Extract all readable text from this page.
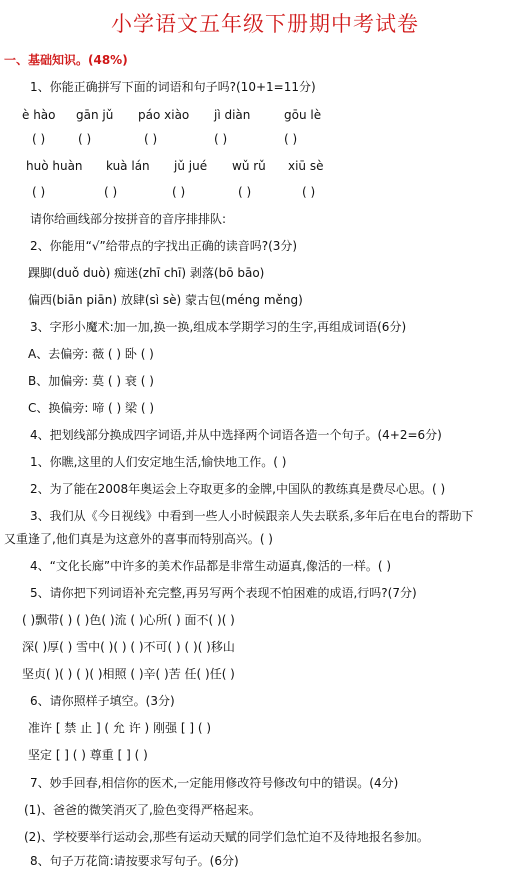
小学语文五年级下册期中考试卷
一、基础知识。(48%)
1、你能正确拼写下面的词语和句子吗?(10+1=11分)
è hào gān jǔ páo xiào jì diàn	gōu lè
( )	( )	( )	( )	( )
huò huàn kuà lán jǔ jué wǔ rǔ xiū sè
( )	( )	( )	( )	( )
请你给画线部分按拼音的音序排排队:
2、你能用“√”给带点的字找出正确的读音吗?(3分)
踝脚(duǒ duò) 痴迷(zhī chī) 剥落(bō bāo)
偏西(biān piān) 放肆(sì sè) 蒙古包(méng měng)
3、字形小魔术:加一加,换一换,组成本学期学习的生字,再组成词语(6分)
A、去偏旁: 薇 ( ) 卧 ( )
B、加偏旁: 莫 ( ) 衰 ( )
C、换偏旁: 啼 ( ) 梁 ( )
4、把划线部分换成四字词语,并从中选择两个词语各造一个句子。(4+2=6分)
1、你瞧,这里的人们安定地生活,愉快地工作。( )
2、为了能在2008年奥运会上夺取更多的金牌,中国队的教练真是费尽心思。( )
3、我们从《今日视线》中看到一些人小时候跟亲人失去联系,多年后在电台的帮助下
又重逢了,他们真是为这意外的喜事而特别高兴。( )
4、“文化长廊”中许多的美术作品都是非常生动逼真,像活的一样。( )
5、请你把下列词语补充完整,再另写两个表现不怕困难的成语,行吗?(7分)
( )飘带( ) ( )色( )流 ( )心所( ) 面不( )( )
深( )厚( ) 雪中( )( ) ( )不可( ) ( )( )移山
坚贞( )( ) ( )( )相照 ( )辛( )苦 任( )任( )
6、请你照样子填空。(3分)
准许 [ 禁 止 ] ( 允 许 ) 刚强 [ ] ( )
坚定 [ ] ( ) 尊重 [ ] ( )
7、妙手回春,相信你的医术,一定能用修改符号修改句中的错误。(4分)
(1)、爸爸的微笑消灭了,脸色变得严格起来。
(2)、学校要举行运动会,那些有运动天赋的同学们急忙迫不及待地报名参加。
8、句子万花筒:请按要求写句子。(6分)
